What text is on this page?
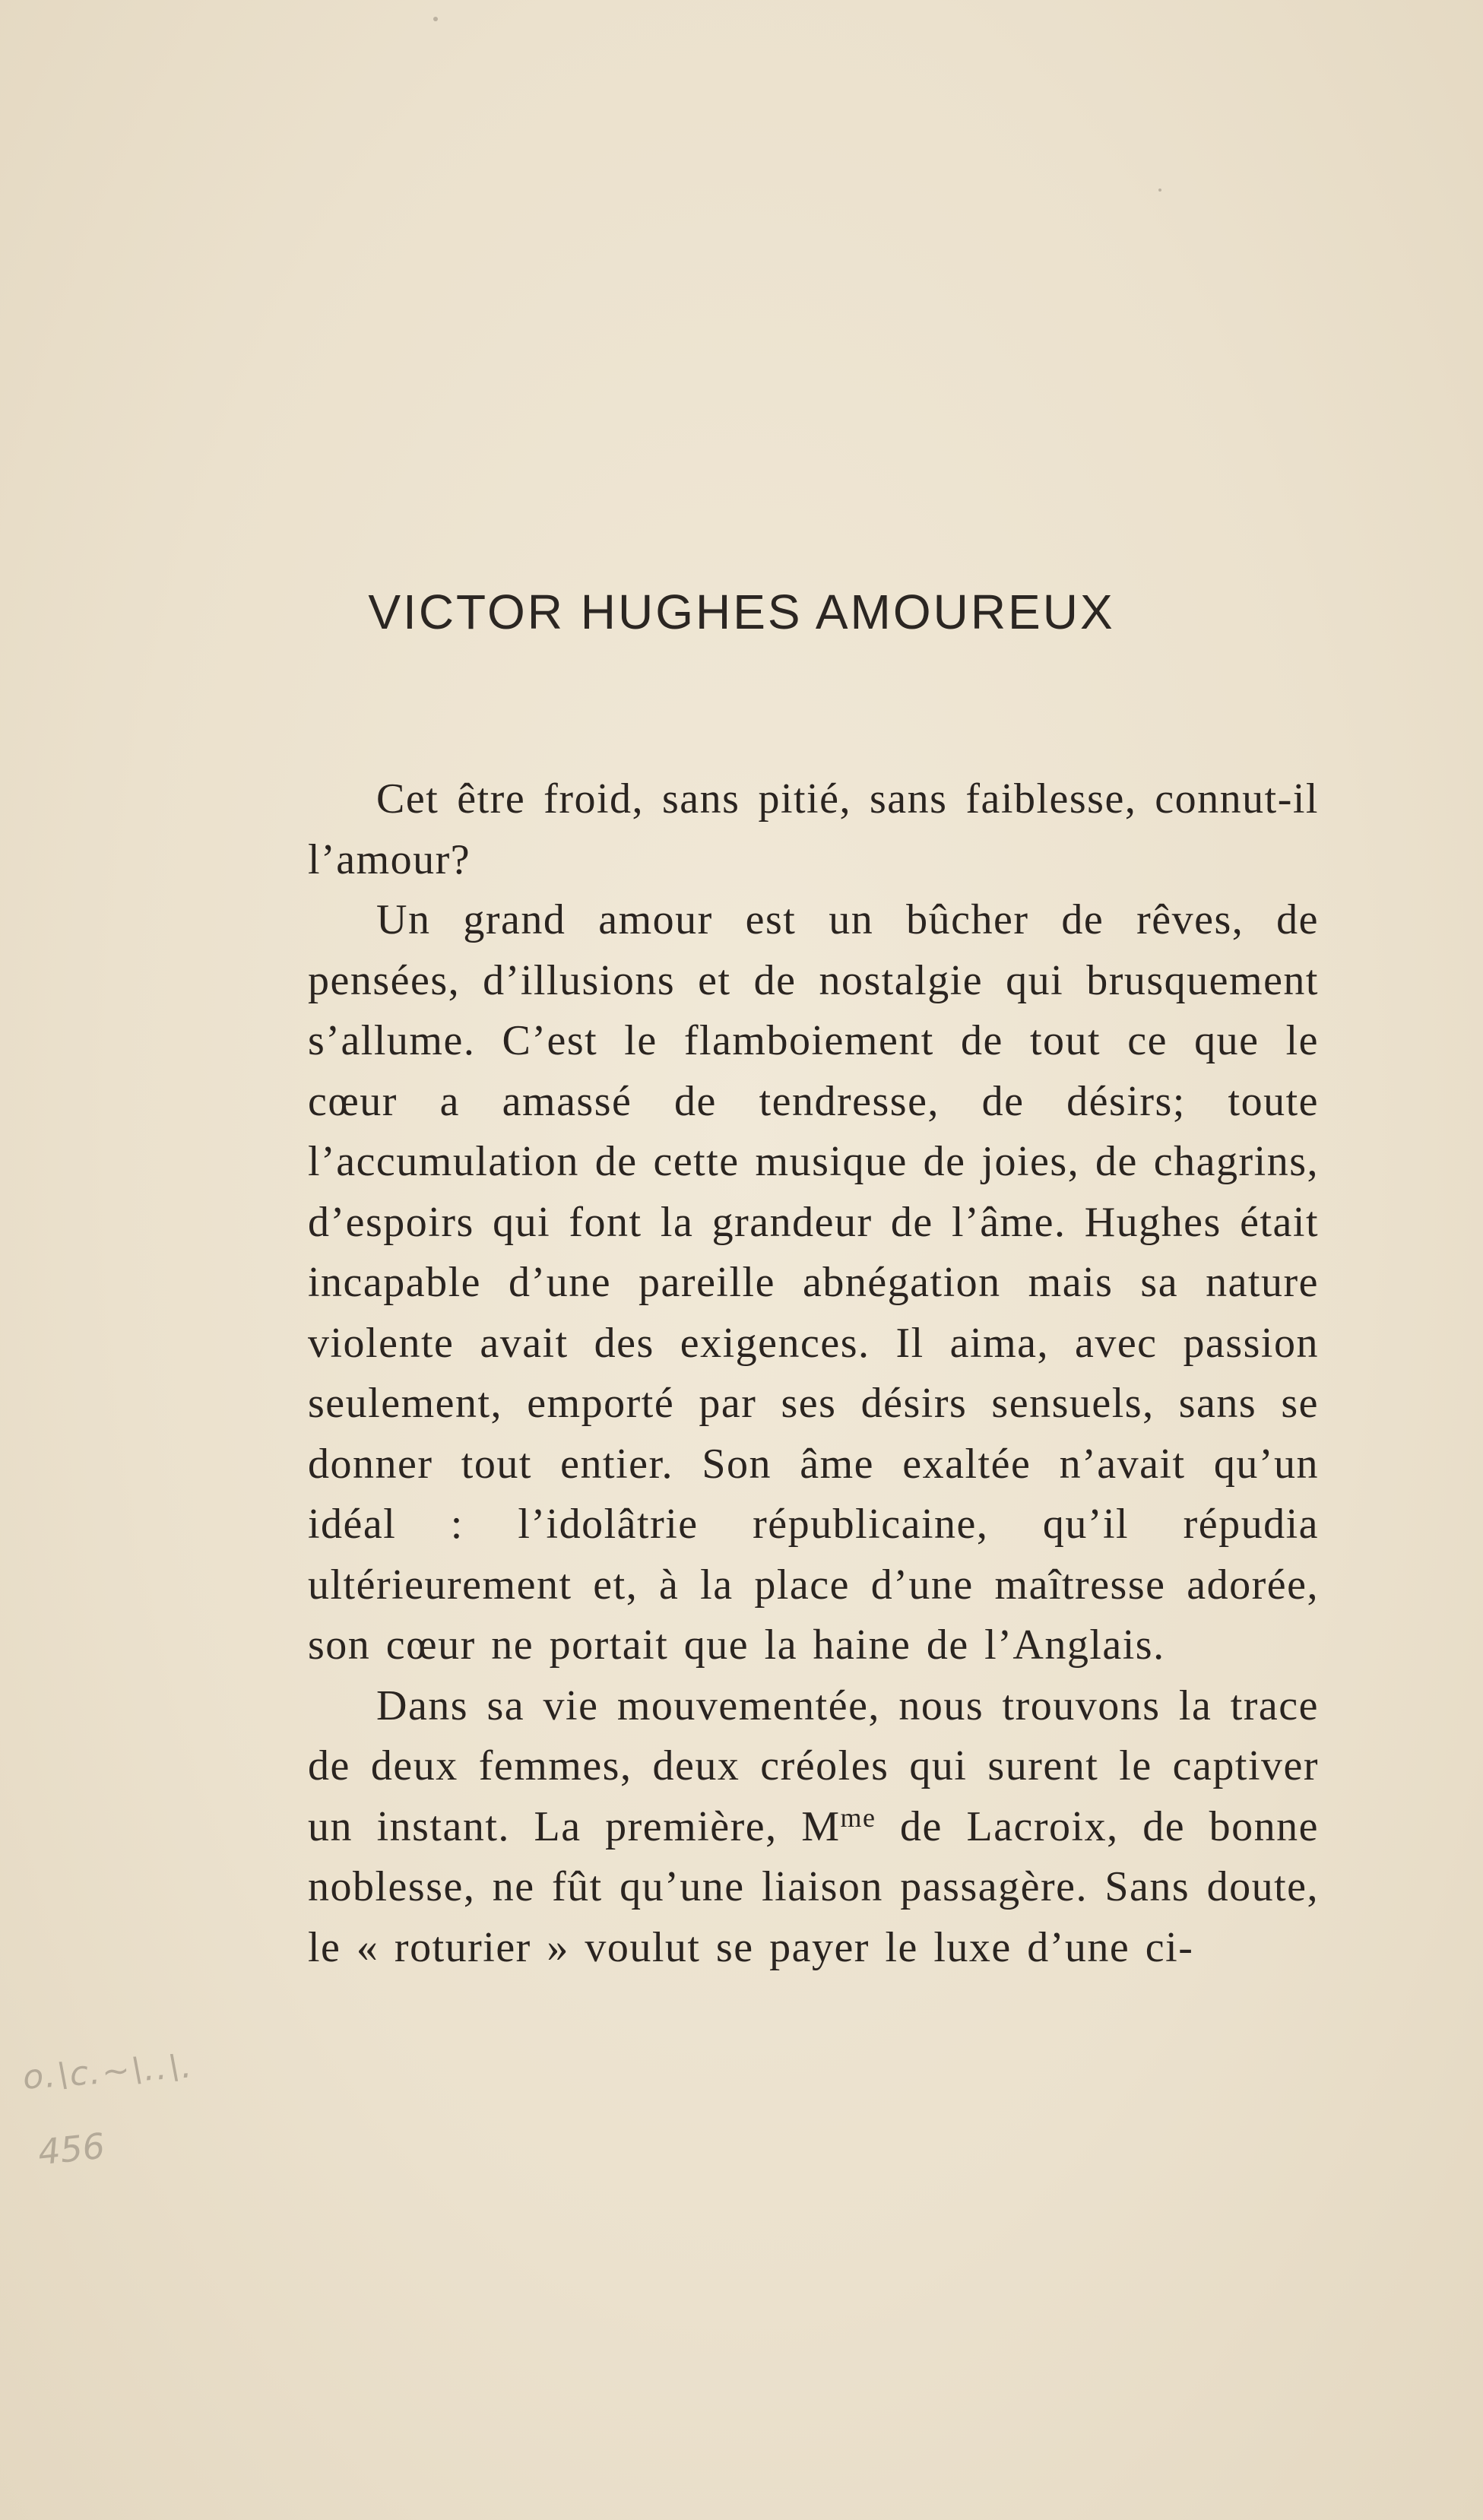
VICTOR HUGHES AMOUREUX

Cet être froid, sans pitié, sans faiblesse, connut-il l’amour?

Un grand amour est un bûcher de rêves, de pensées, d’illusions et de nostalgie qui brusquement s’allume. C’est le flamboiement de tout ce que le cœur a amassé de tendresse, de désirs; toute l’accumulation de cette musique de joies, de chagrins, d’espoirs qui font la grandeur de l’âme. Hughes était incapable d’une pareille abnégation mais sa nature violente avait des exigences. Il aima, avec passion seulement, emporté par ses désirs sensuels, sans se donner tout entier. Son âme exaltée n’avait qu’un idéal : l’idolâtrie républicaine, qu’il répudia ultérieurement et, à la place d’une maîtresse adorée, son cœur ne portait que la haine de l’Anglais.

Dans sa vie mouvementée, nous trouvons la trace de deux femmes, deux créoles qui surent le captiver un instant. La première, $M^{me}$ de Lacroix, de bonne noblesse, ne fût qu’une liaison passagère. Sans doute, le « roturier » voulut se payer le luxe d’une ci-

o.\c.~\..\.
456
